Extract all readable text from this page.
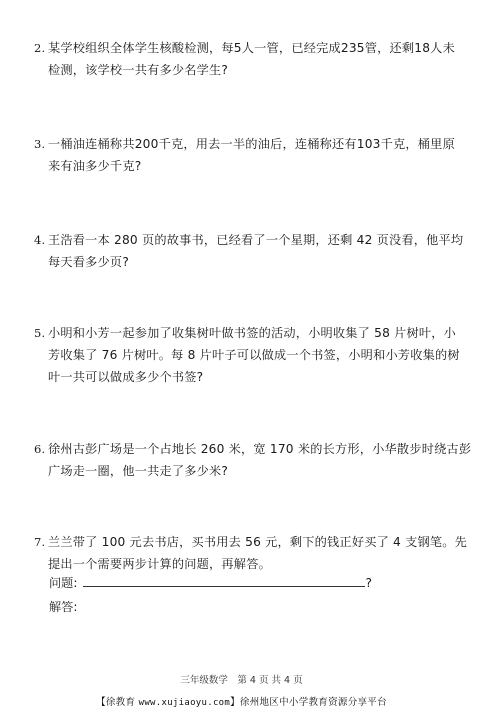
2. 某学校组织全体学生核酸检测，每5人一管，已经完成235管，还剩18人未
检测，该学校一共有多少名学生?
3. 一桶油连桶称共200千克，用去一半的油后，连桶称还有103千克，桶里原
来有油多少千克?
4. 王浩看一本 280 页的故事书，已经看了一个星期，还剩 42 页没看，他平均
每天看多少页?
5. 小明和小芳一起参加了收集树叶做书签的活动，小明收集了 58 片树叶，小
芳收集了 76 片树叶。每 8 片叶子可以做成一个书签，小明和小芳收集的树
叶一共可以做成多少个书签?
6. 徐州古彭广场是一个占地长 260 米，宽 170 米的长方形，小华散步时绕古彭
广场走一圈，他一共走了多少米?
7. 兰兰带了 100 元去书店，买书用去 56 元，剩下的钱正好买了 4 支钢笔。先
提出一个需要两步计算的问题，再解答。
问题:	?
解答:
三年级数学　第 4 页 共 4 页
【徐教育 www.xujiaoyu.com】徐州地区中小学教育资源分享平台
